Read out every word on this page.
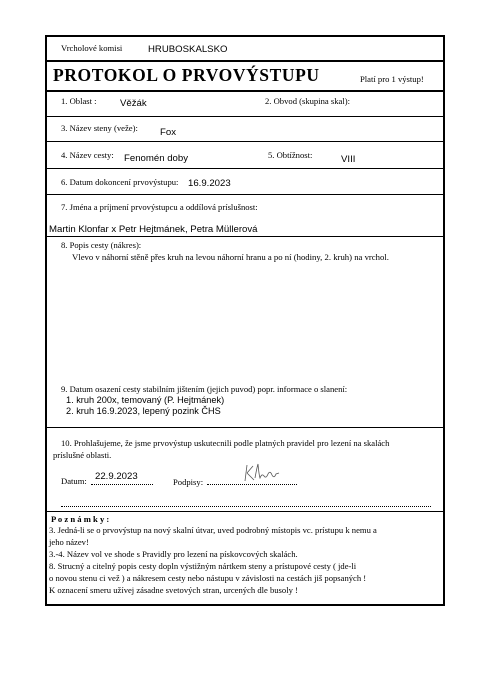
Vrcholové komisi	HRUBOSKALSKO
PROTOKOL O PRVOVÝSTUPU	Platí pro 1 výstup!
1. Oblast : Věžák	2. Obvod (skupina skal):
3. Název steny (veže): Fox
4. Název cesty: Fenomén doby	5. Obtížnost:	VIII
6. Datum dokoncení prvovýstupu: 16.9.2023
7. Jména a príjmení prvovýstupcu a oddílová príslušnost:
Martin Klonfar x Petr Hejtmánek, Petra Müllerová
8. Popis cesty (nákres):
Vlevo v náhorní stěně přes kruh na levou náhorní hranu a po ní (hodiny, 2. kruh) na vrchol.
9. Datum osazení cesty stabilním jištením (jejich puvod) popr. informace o slanení:
1. kruh 200x, temovaný (P. Hejtmánek)
2. kruh 16.9.2023, lepený pozink ČHS
10. Prohlašujeme, že jsme prvovýstup uskutecnili podle platných pravidel pro lezení na skalách
príslušné oblasti.
Datum: 22.9.2023	Podpisy:
P o z n á m k y :
3. Jedná-li se o prvovýstup na nový skalní útvar, uved podrobný místopis vc. prístupu k nemu a
jeho název!
3.-4. Název vol ve shode s Pravidly pro lezení na pískovcových skalách.
8. Strucný a citelný popis cesty dopln výstižným nártkem steny a prístupové cesty ( jde-li
o novou stenu ci vež ) a nákresem cesty nebo nástupu v závislosti na cestách jiš popsaných !
K oznacení smeru užívej zásadne svetových stran, urcených dle busoly !
